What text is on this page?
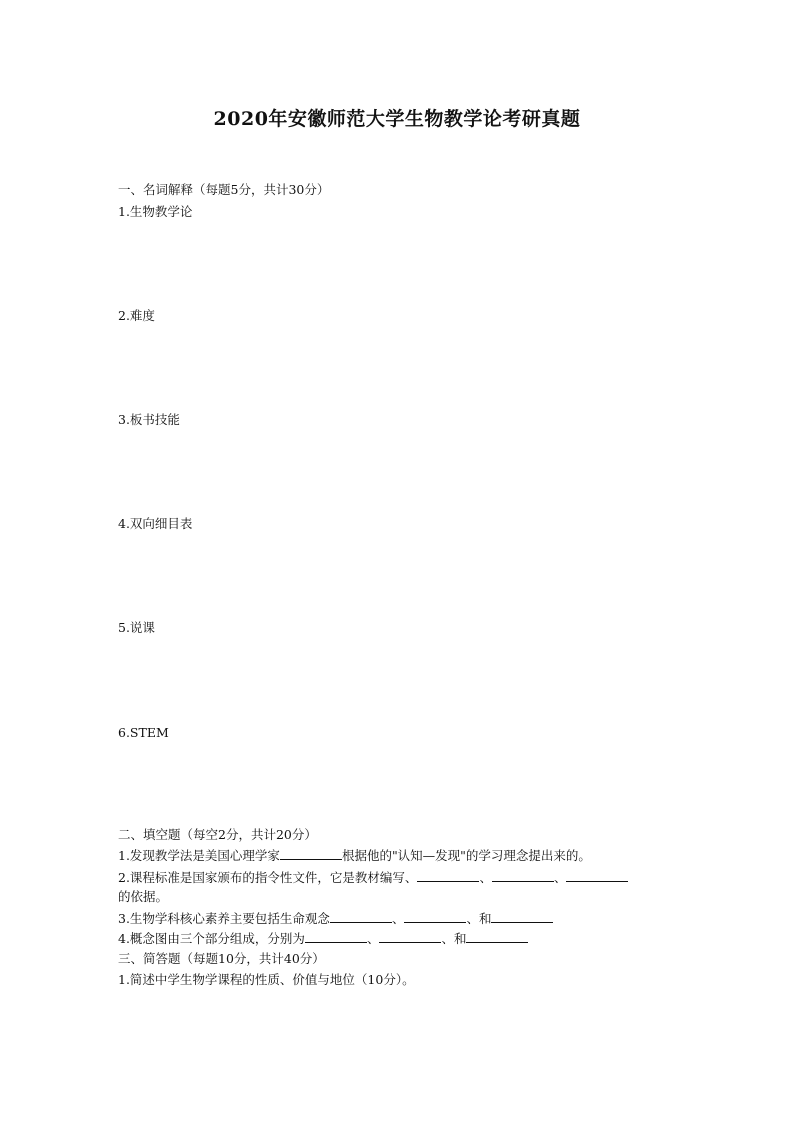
2020年安徽师范大学生物教学论考研真题
一、名词解释（每题5分，共计30分）
1.生物教学论
2.难度
3.板书技能
4.双向细目表
5.说课
6.STEM
二、填空题（每空2分，共计20分）
1.发现教学法是美国心理学家	根据他的"认知—发现"的学习理念提出来的。
2.课程标准是国家颁布的指令性文件，它是教材编写、	、	、
的依据。
3.生物学科核心素养主要包括生命观念	、	、和
4.概念图由三个部分组成，分别为	、	、和
三、简答题（每题10分，共计40分）
1.简述中学生物学课程的性质、价值与地位（10分）。
